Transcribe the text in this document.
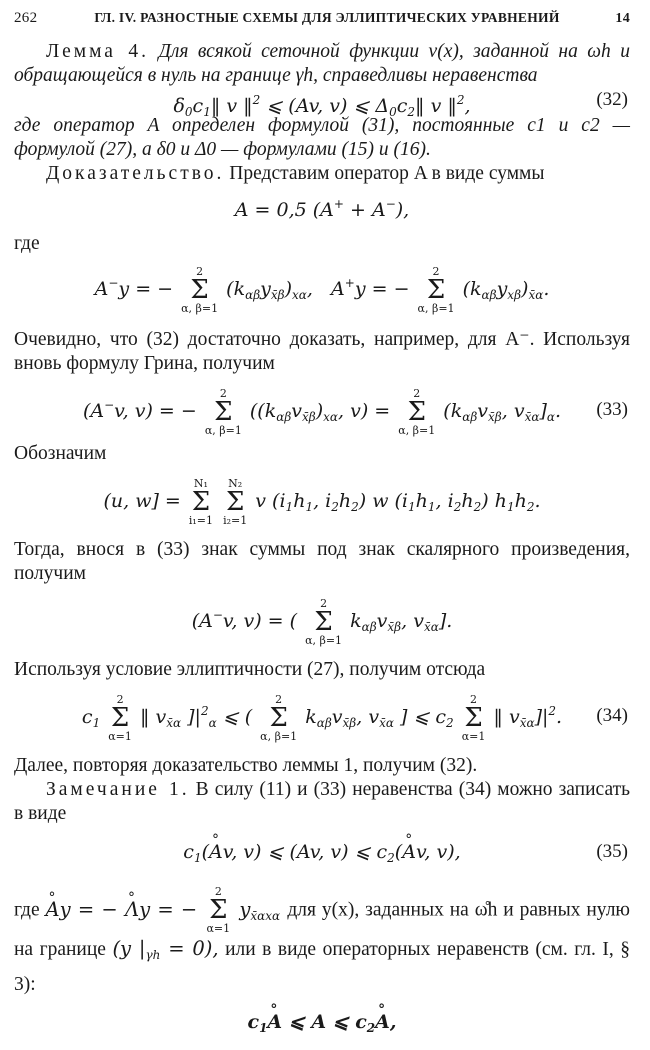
262	ГЛ. IV. РАЗНОСТНЫЕ СХЕМЫ ДЛЯ ЭЛЛИПТИЧЕСКИХ УРАВНЕНИЙ	14

Лемма 4. Для всякой сеточной функции v(x), заданной на ωh и обращающейся в нуль на границе γh, справедливы неравенства

$\delta_0c_1‖$ v ‖$^2$ ⩽ (Av, v) ⩽ $\Delta_0c_2‖$ v ‖$^2$,	(32)

где оператор A определен формулой (31), постоянные c1 и c2 — формулой (27), а δ0 и Δ0 — формулами (15) и (16).

Доказательство. Представим оператор A в виде суммы

A = 0,5 (A+ + A−),

где

A−y = −
2
Σ
α, β=1
$(k_{\alpha\beta}y_{x̄\beta})_{x\alpha}$,   A+y = −
2
Σ
α, β=1
$(k_{\alpha\beta}y_{x\beta})_{x̄\alpha}$.

Очевидно, что (32) достаточно доказать, например, для A⁻. Используя вновь формулу Грина, получим

(A−v, v) = −
2
Σ
α, β=1
($(k_{\alpha\beta}v_{x̄\beta})_{x\alpha}$, v) =
2
Σ
α, β=1
($k_{\alpha\beta}v_{x̄\beta}$, $v_{x̄\alpha}]_\alpha$.	(33)

Обозначим

(u, w] =
N₁
Σ
i₁=1

N₂
Σ
i₂=1
v ($i_1h_1$, $i_2h_2$) w ($i_1h_1$, $i_2h_2$) $h_1h_2$.

Тогда, внося в (33) знак суммы под знак скалярного произведения, получим

(A−v, v) = (
2
Σ
α, β=1
$k_{\alpha\beta}v_{x̄\beta}$, $v_{x̄\alpha}$].

Используя условие эллиптичности (27), получим отсюда

$c_1$
2
Σ
α=1
‖ $v_{x̄\alpha}$ ]$|^2_\alpha$ ⩽ (
2
Σ
α, β=1
$k_{\alpha\beta}v_{x̄\beta}$, $v_{x̄\alpha}$ ] ⩽ $c_2$
2
Σ
α=1
‖ $v_{x̄\alpha}]|^2$.	(34)

Далее, повторяя доказательство леммы 1, получим (32).

Замечание 1. В силу (11) и (33) неравенства (34) можно записать в виде

$c_1(^\circ$ Av, v) ⩽ (Av, v) ⩽ $c_2(^\circ$ Av, v),	(35)

где ° Ay = − ° Λy = −
2
Σ
α=1
$y_{x̄\alpha x\alpha}$ для y(x), заданных на ω̊h и равных нулю на границе (y $|_{\gamma h} = 0$), или в виде операторных неравенств (см. гл. I, § 3):

$c_1^\circ$ A ⩽ A ⩽ $c_2^\circ$ A,
